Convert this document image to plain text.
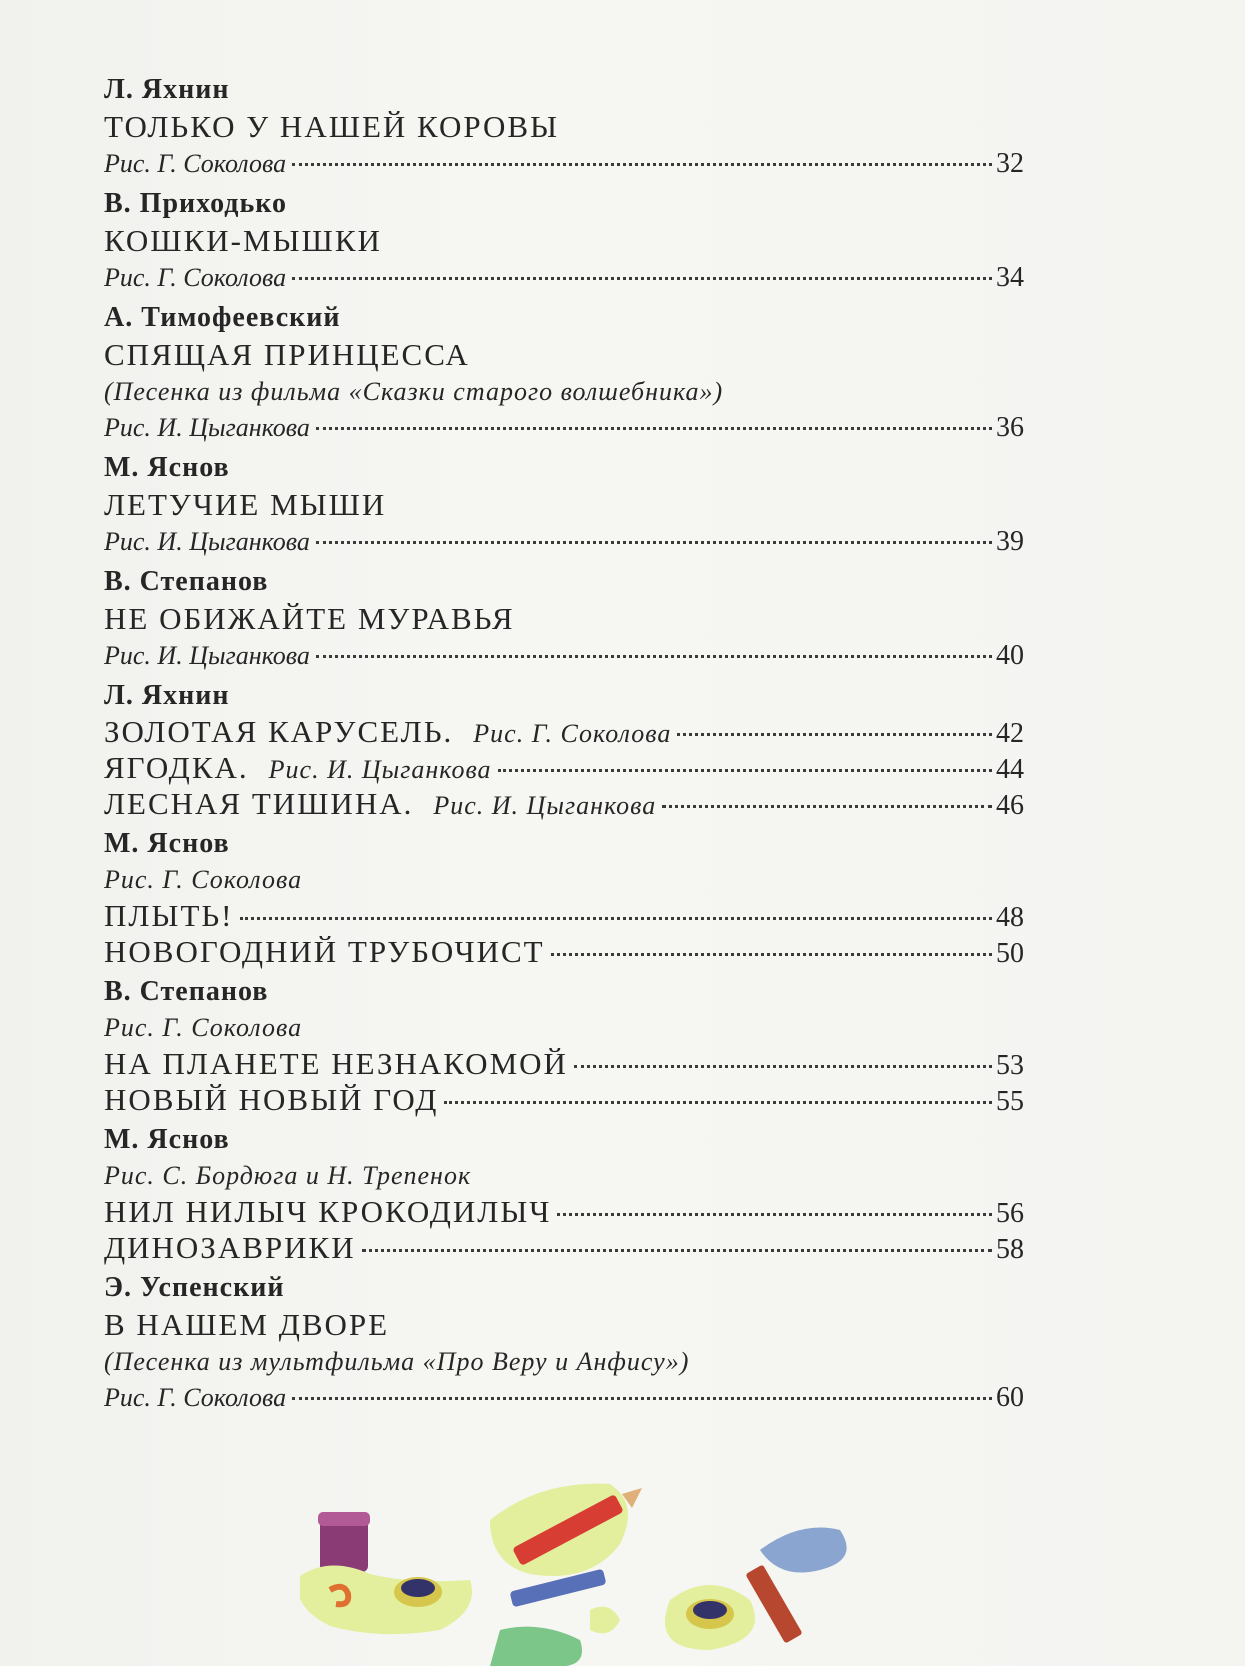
Л. Яхнин
ТОЛЬКО У НАШЕЙ КОРОВЫ
Рис. Г. Соколова	32
В. Приходько
КОШКИ-МЫШКИ
Рис. Г. Соколова	34
А. Тимофеевский
СПЯЩАЯ ПРИНЦЕССА
(Песенка из фильма «Сказки старого волшебника»)
Рис. И. Цыганкова	36
М. Яснов
ЛЕТУЧИЕ МЫШИ
Рис. И. Цыганкова	39
В. Степанов
НЕ ОБИЖАЙТЕ МУРАВЬЯ
Рис. И. Цыганкова	40
Л. Яхнин
ЗОЛОТАЯ КАРУСЕЛЬ. Рис. Г. Соколова	42
ЯГОДКА. Рис. И. Цыганкова	44
ЛЕСНАЯ ТИШИНА. Рис. И. Цыганкова	46
М. Яснов
Рис. Г. Соколова
ПЛЫТЬ!	48
НОВОГОДНИЙ ТРУБОЧИСТ	50
В. Степанов
Рис. Г. Соколова
НА ПЛАНЕТЕ НЕЗНАКОМОЙ	53
НОВЫЙ НОВЫЙ ГОД	55
М. Яснов
Рис. С. Бордюга и Н. Трепенок
НИЛ НИЛЫЧ КРОКОДИЛЫЧ	56
ДИНОЗАВРИКИ	58
Э. Успенский
В НАШЕМ ДВОРЕ
(Песенка из мультфильма «Про Веру и Анфису»)
Рис. Г. Соколова	60
